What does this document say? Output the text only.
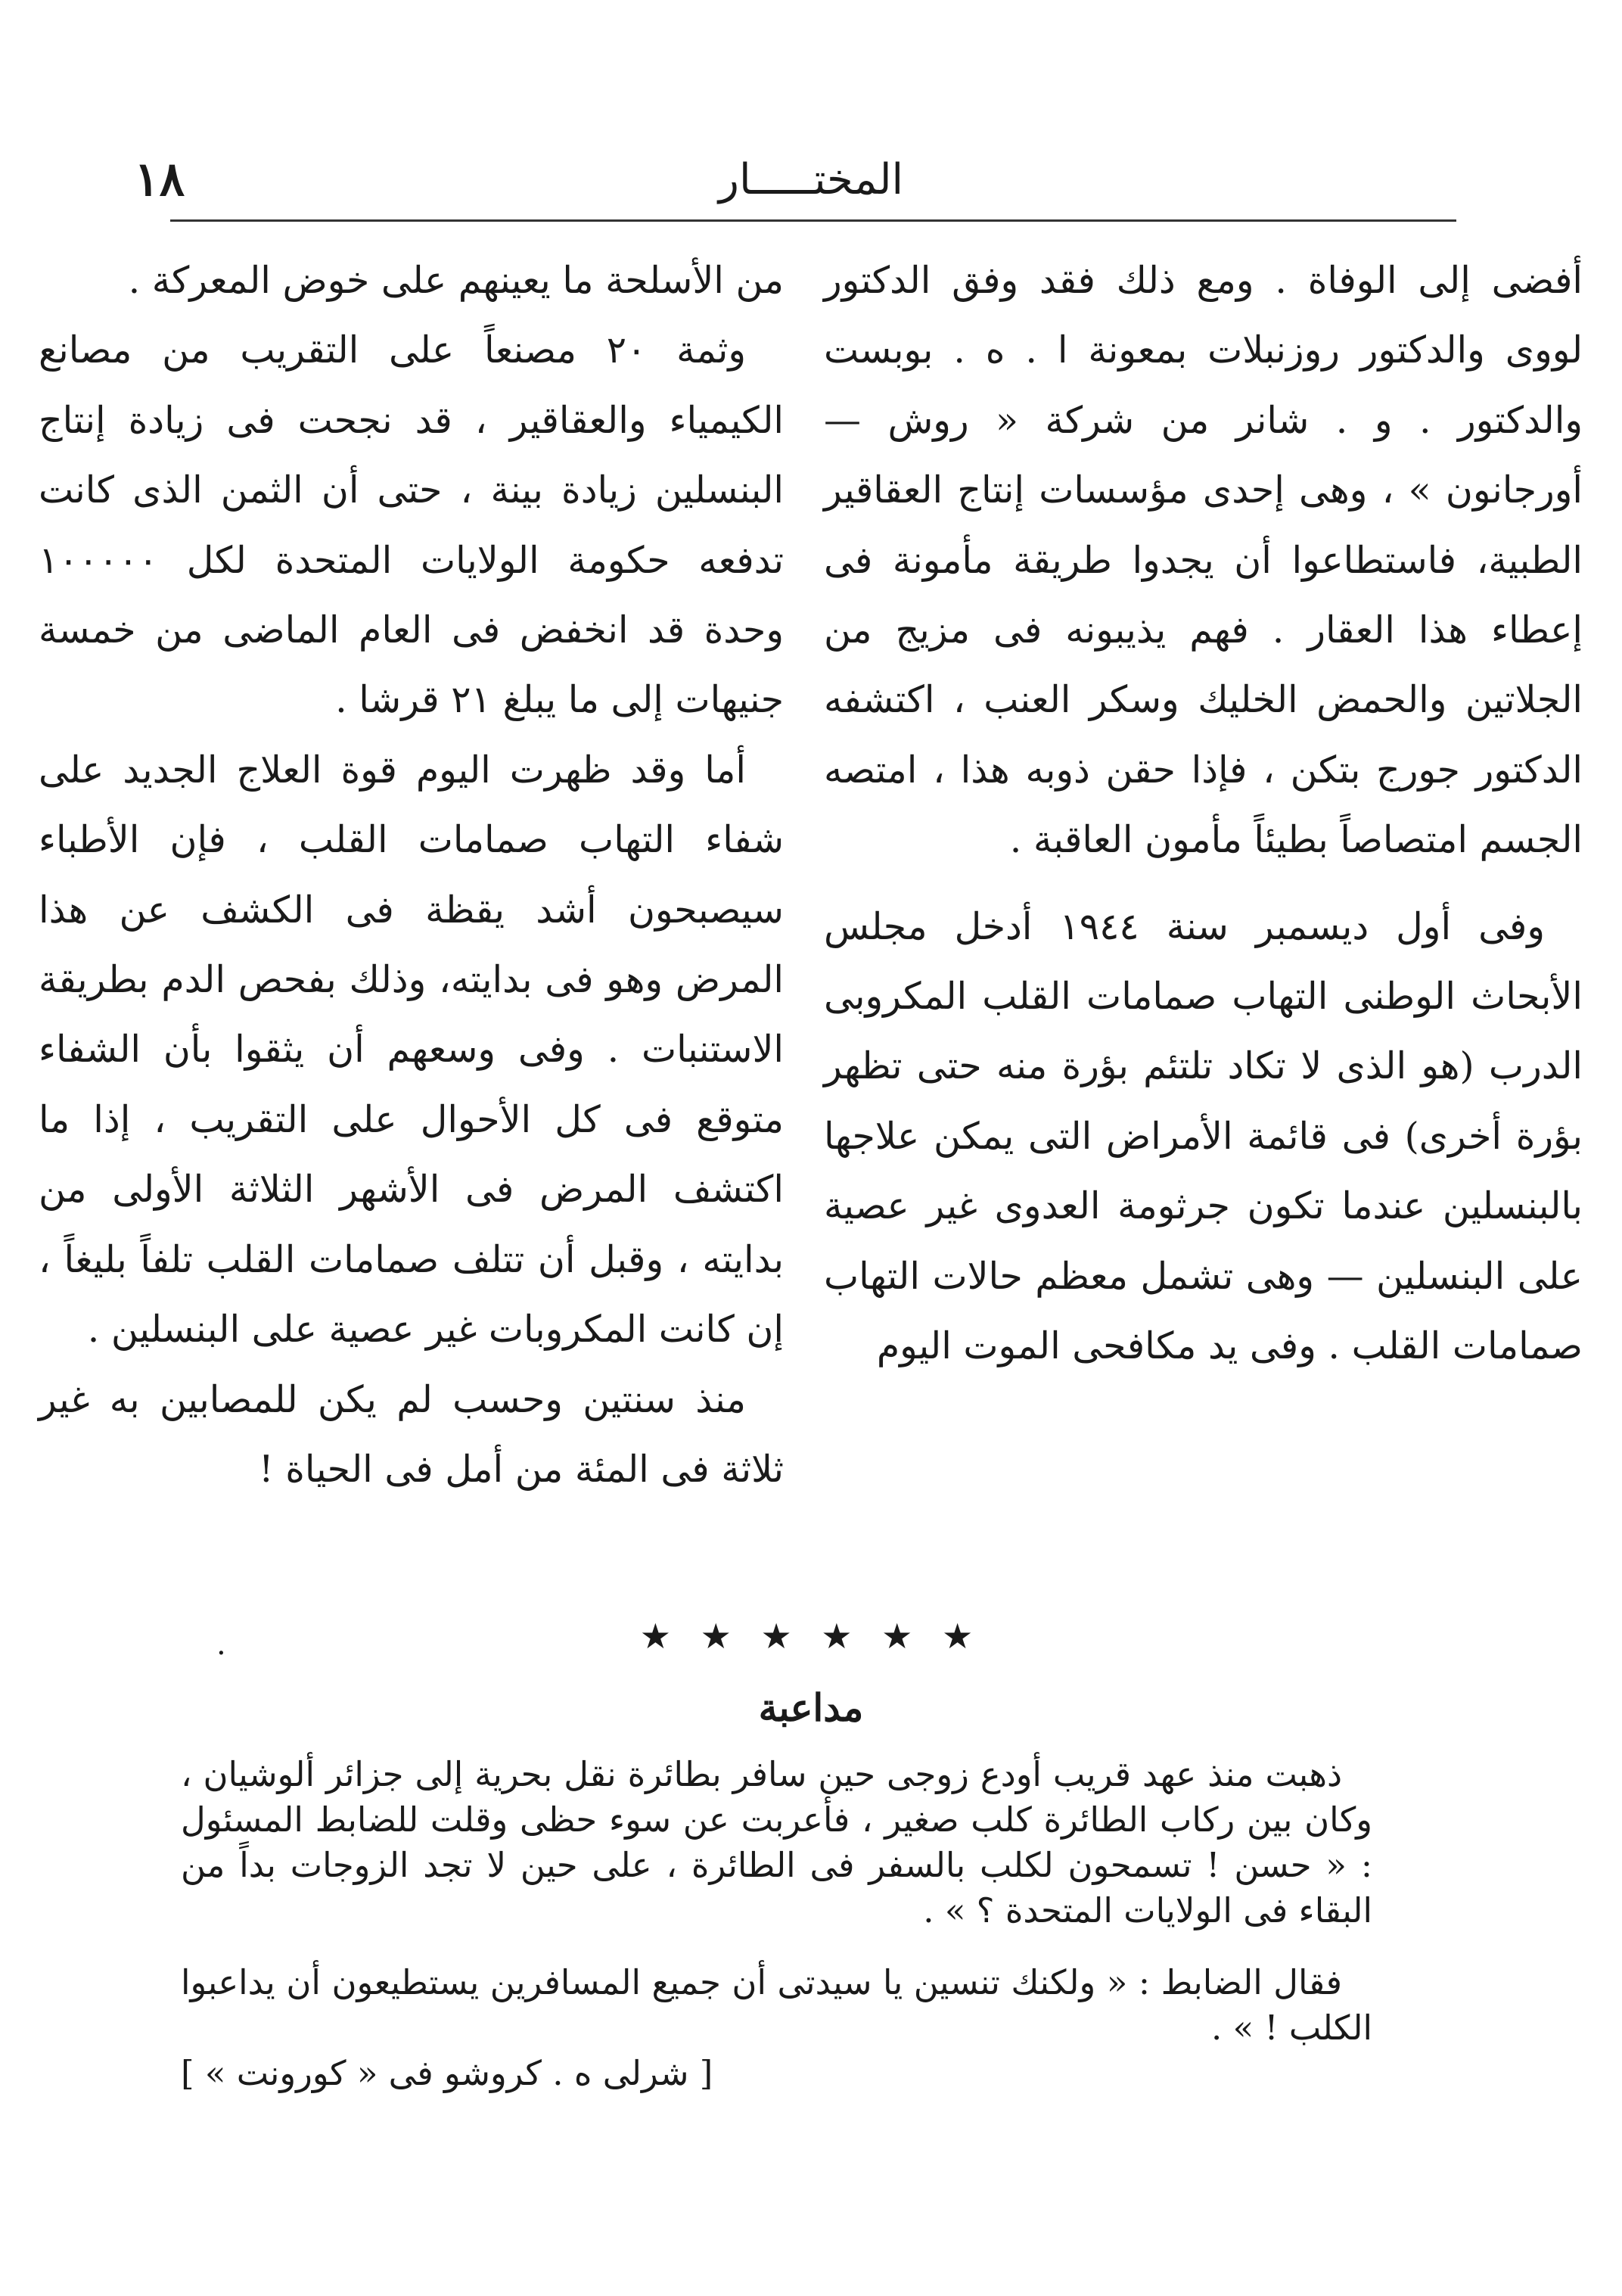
١٨	المختـــــار

أفضى إلى الوفاة . ومع ذلك فقد وفق الدكتور لووى والدكتور روزنبلات بمعونة ا . ه . بوبست والدكتور . و . شانر من شركة « روش — أورجانون » ، وهى إحدى مؤسسات إنتاج العقاقير الطبية، فاستطاعوا أن يجدوا طريقة مأمونة فى إعطاء هذا العقار . فهم يذيبونه فى مزيج من الجلاتين والحمض الخليك وسكر العنب ، اكتشفه الدكتور جورج بتكن ، فإذا حقن ذوبه هذا ، امتصه الجسم امتصاصاً بطيئاً مأمون العاقبة .

وفى أول ديسمبر سنة ١٩٤٤ أدخل مجلس الأبحاث الوطنى التهاب صمامات القلب المكروبى الدرب (هو الذى لا تكاد تلتئم بؤرة منه حتى تظهر بؤرة أخرى) فى قائمة الأمراض التى يمكن علاجها بالبنسلين عندما تكون جرثومة العدوى غير عصية على البنسلين — وهى تشمل معظم حالات التهاب صمامات القلب . وفى يد مكافحى الموت اليوم

من الأسلحة ما يعينهم على خوض المعركة .

وثمة ٢٠ مصنعاً على التقريب من مصانع الكيمياء والعقاقير ، قد نجحت فى زيادة إنتاج البنسلين زيادة بينة ، حتى أن الثمن الذى كانت تدفعه حكومة الولايات المتحدة لكل ١٠٠٠٠٠ وحدة قد انخفض فى العام الماضى من خمسة جنيهات إلى ما يبلغ ٢١ قرشا .

أما وقد ظهرت اليوم قوة العلاج الجديد على شفاء التهاب صمامات القلب ، فإن الأطباء سيصبحون أشد يقظة فى الكشف عن هذا المرض وهو فى بدايته، وذلك بفحص الدم بطريقة الاستنبات . وفى وسعهم أن يثقوا بأن الشفاء متوقع فى كل الأحوال على التقريب ، إذا ما اكتشف المرض فى الأشهر الثلاثة الأولى من بدايته ، وقبل أن تتلف صمامات القلب تلفاً بليغاً ، إن كانت المكروبات غير عصية على البنسلين .

منذ سنتين وحسب لم يكن للمصابين به غير ثلاثة فى المئة من أمل فى الحياة !

★ ★ ★ ★ ★ ★
.
مداعبة

ذهبت منذ عهد قريب أودع زوجى حين سافر بطائرة نقل بحرية إلى جزائر ألوشيان ، وكان بين ركاب الطائرة كلب صغير ، فأعربت عن سوء حظى وقلت للضابط المسئول : « حسن ! تسمحون لكلب بالسفر فى الطائرة ، على حين لا تجد الزوجات بداً من البقاء فى الولايات المتحدة ؟ » .

فقال الضابط : « ولكنك تنسين يا سيدتى أن جميع المسافرين يستطيعون أن يداعبوا الكلب ! » .

[ شرلى ه . كروشو فى « كورونت » ]
